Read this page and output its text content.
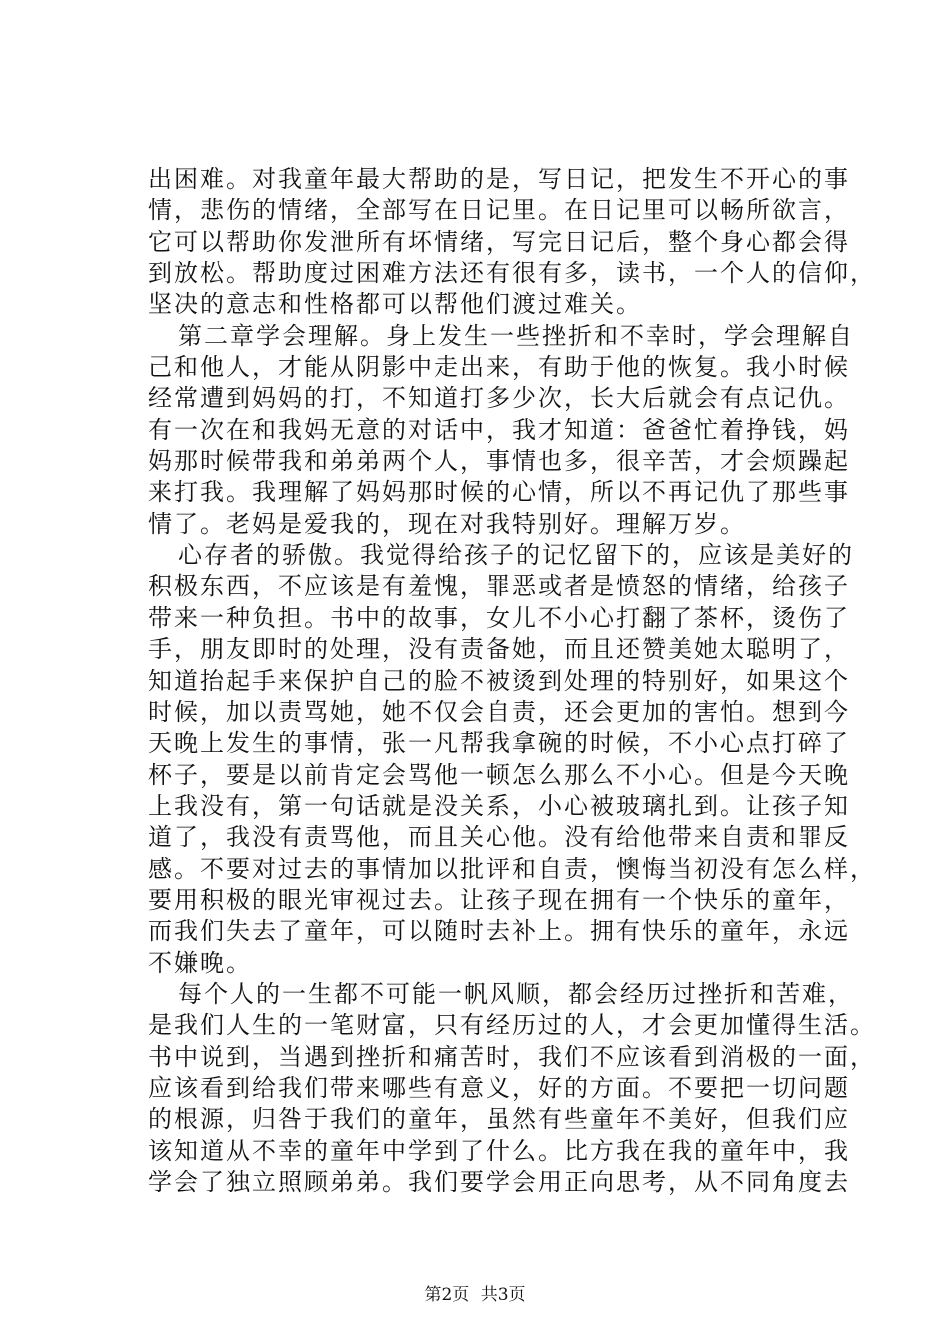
出困难。对我童年最大帮助的是，写日记，把发生不开心的事
情，悲伤的情绪，全部写在日记里。在日记里可以畅所欲言，
它可以帮助你发泄所有坏情绪，写完日记后，整个身心都会得
到放松。帮助度过困难方法还有很有多，读书，一个人的信仰，
坚决的意志和性格都可以帮他们渡过难关。
第二章学会理解。身上发生一些挫折和不幸时，学会理解自
己和他人，才能从阴影中走出来，有助于他的恢复。我小时候
经常遭到妈妈的打，不知道打多少次，长大后就会有点记仇。
有一次在和我妈无意的对话中，我才知道：爸爸忙着挣钱，妈
妈那时候带我和弟弟两个人，事情也多，很辛苦，才会烦躁起
来打我。我理解了妈妈那时候的心情，所以不再记仇了那些事
情了。老妈是爱我的，现在对我特别好。理解万岁。
心存者的骄傲。我觉得给孩子的记忆留下的，应该是美好的
积极东西，不应该是有羞愧，罪恶或者是愤怒的情绪，给孩子
带来一种负担。书中的故事，女儿不小心打翻了茶杯，烫伤了
手，朋友即时的处理，没有责备她，而且还赞美她太聪明了，
知道抬起手来保护自己的脸不被烫到处理的特别好，如果这个
时候，加以责骂她，她不仅会自责，还会更加的害怕。想到今
天晚上发生的事情，张一凡帮我拿碗的时候，不小心点打碎了
杯子，要是以前肯定会骂他一顿怎么那么不小心。但是今天晚
上我没有，第一句话就是没关系，小心被玻璃扎到。让孩子知
道了，我没有责骂他，而且关心他。没有给他带来自责和罪反
感。不要对过去的事情加以批评和自责，懊悔当初没有怎么样，
要用积极的眼光审视过去。让孩子现在拥有一个快乐的童年，
而我们失去了童年，可以随时去补上。拥有快乐的童年，永远
不嫌晚。
每个人的一生都不可能一帆风顺，都会经历过挫折和苦难，
是我们人生的一笔财富，只有经历过的人，才会更加懂得生活。
书中说到，当遇到挫折和痛苦时，我们不应该看到消极的一面，
应该看到给我们带来哪些有意义，好的方面。不要把一切问题
的根源，归咎于我们的童年，虽然有些童年不美好，但我们应
该知道从不幸的童年中学到了什么。比方我在我的童年中，我
学会了独立照顾弟弟。我们要学会用正向思考，从不同角度去
第2页 共3页
